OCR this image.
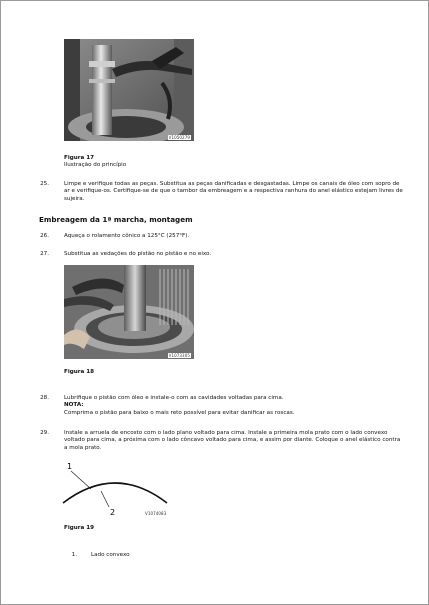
V1050279
Figura 17
Ilustração do princípio
25.	Limpe e verifique todas as peças. Substitua as peças danificadas e desgastadas. Limpe os canais de óleo com sopro de ar e verifique-os. Certifique-se de que o tambor da embreagem e a respectiva ranhura do anel elástico estejam livres de sujeira.
Embreagem da 1ª marcha, montagem
26.	Aqueça o rolamento cônico a 125°C (257°F).
27.	Substitua as vedações do pistão no pistão e no eixo.
V1073305
Figura 18
28.	Lubrifique o pistão com óleo e instale-o com as cavidades voltadas para cima.
NOTA:
Comprima o pistão para baixo o mais reto possível para evitar danificar as roscas.
29.	Instale a arruela de encosto com o lado plano voltado para cima. Instale a primeira mola prato com o lado convexo voltado para cima, a próxima com o lado côncavo voltado para cima, e assim por diante. Coloque o anel elástico contra a mola prato.
1
2	V1074083
Figura 19
1.	Lado convexo
